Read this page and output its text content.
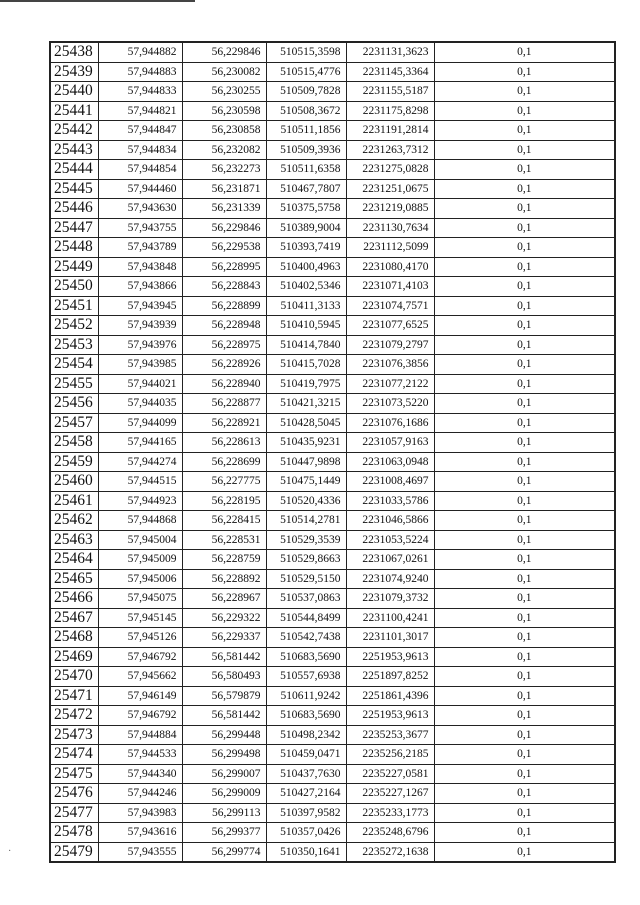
25438	57,944882	56,229846	510515,3598	2231131,3623	0,1
25439	57,944883	56,230082	510515,4776	2231145,3364	0,1
25440	57,944833	56,230255	510509,7828	2231155,5187	0,1
25441	57,944821	56,230598	510508,3672	2231175,8298	0,1
25442	57,944847	56,230858	510511,1856	2231191,2814	0,1
25443	57,944834	56,232082	510509,3936	2231263,7312	0,1
25444	57,944854	56,232273	510511,6358	2231275,0828	0,1
25445	57,944460	56,231871	510467,7807	2231251,0675	0,1
25446	57,943630	56,231339	510375,5758	2231219,0885	0,1
25447	57,943755	56,229846	510389,9004	2231130,7634	0,1
25448	57,943789	56,229538	510393,7419	2231112,5099	0,1
25449	57,943848	56,228995	510400,4963	2231080,4170	0,1
25450	57,943866	56,228843	510402,5346	2231071,4103	0,1
25451	57,943945	56,228899	510411,3133	2231074,7571	0,1
25452	57,943939	56,228948	510410,5945	2231077,6525	0,1
25453	57,943976	56,228975	510414,7840	2231079,2797	0,1
25454	57,943985	56,228926	510415,7028	2231076,3856	0,1
25455	57,944021	56,228940	510419,7975	2231077,2122	0,1
25456	57,944035	56,228877	510421,3215	2231073,5220	0,1
25457	57,944099	56,228921	510428,5045	2231076,1686	0,1
25458	57,944165	56,228613	510435,9231	2231057,9163	0,1
25459	57,944274	56,228699	510447,9898	2231063,0948	0,1
25460	57,944515	56,227775	510475,1449	2231008,4697	0,1
25461	57,944923	56,228195	510520,4336	2231033,5786	0,1
25462	57,944868	56,228415	510514,2781	2231046,5866	0,1
25463	57,945004	56,228531	510529,3539	2231053,5224	0,1
25464	57,945009	56,228759	510529,8663	2231067,0261	0,1
25465	57,945006	56,228892	510529,5150	2231074,9240	0,1
25466	57,945075	56,228967	510537,0863	2231079,3732	0,1
25467	57,945145	56,229322	510544,8499	2231100,4241	0,1
25468	57,945126	56,229337	510542,7438	2231101,3017	0,1
25469	57,946792	56,581442	510683,5690	2251953,9613	0,1
25470	57,945662	56,580493	510557,6938	2251897,8252	0,1
25471	57,946149	56,579879	510611,9242	2251861,4396	0,1
25472	57,946792	56,581442	510683,5690	2251953,9613	0,1
25473	57,944884	56,299448	510498,2342	2235253,3677	0,1
25474	57,944533	56,299498	510459,0471	2235256,2185	0,1
25475	57,944340	56,299007	510437,7630	2235227,0581	0,1
25476	57,944246	56,299009	510427,2164	2235227,1267	0,1
25477	57,943983	56,299113	510397,9582	2235233,1773	0,1
25478	57,943616	56,299377	510357,0426	2235248,6796	0,1
25479	57,943555	56,299774	510350,1641	2235272,1638	0,1
·
